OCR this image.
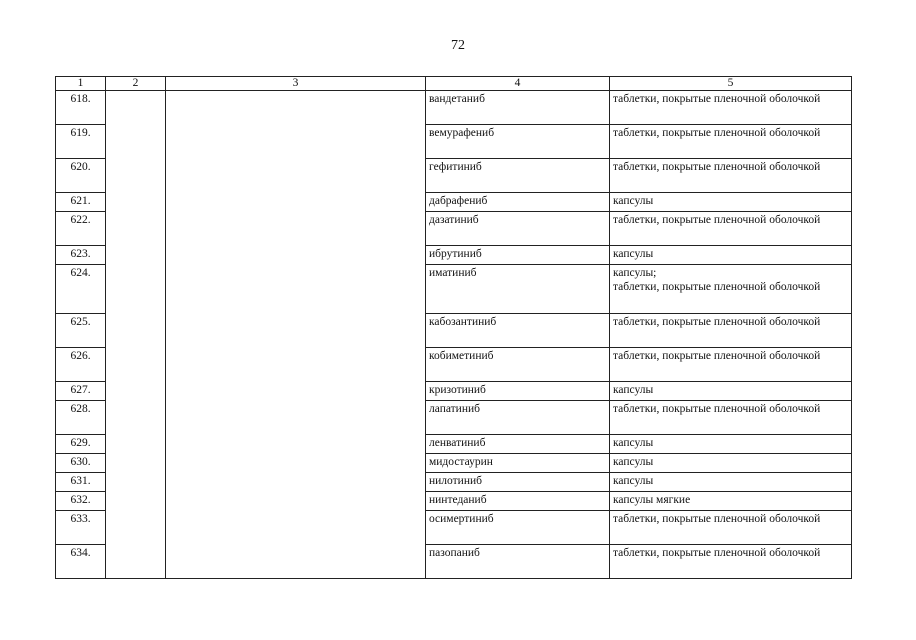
72
1	2	3	4	5
618.			вандетаниб	таблетки, покрытые пленочной оболочкой
619.			вемурафениб	таблетки, покрытые пленочной оболочкой
620.			гефитиниб	таблетки, покрытые пленочной оболочкой
621.			дабрафениб	капсулы
622.			дазатиниб	таблетки, покрытые пленочной оболочкой
623.			ибрутиниб	капсулы
624.			иматиниб	капсулы;
таблетки, покрытые пленочной оболочкой
625.			кабозантиниб	таблетки, покрытые пленочной оболочкой
626.			кобиметиниб	таблетки, покрытые пленочной оболочкой
627.			кризотиниб	капсулы
628.			лапатиниб	таблетки, покрытые пленочной оболочкой
629.			ленватиниб	капсулы
630.			мидостаурин	капсулы
631.			нилотиниб	капсулы
632.			нинтеданиб	капсулы мягкие
633.			осимертиниб	таблетки, покрытые пленочной оболочкой
634.			пазопаниб	таблетки, покрытые пленочной оболочкой
